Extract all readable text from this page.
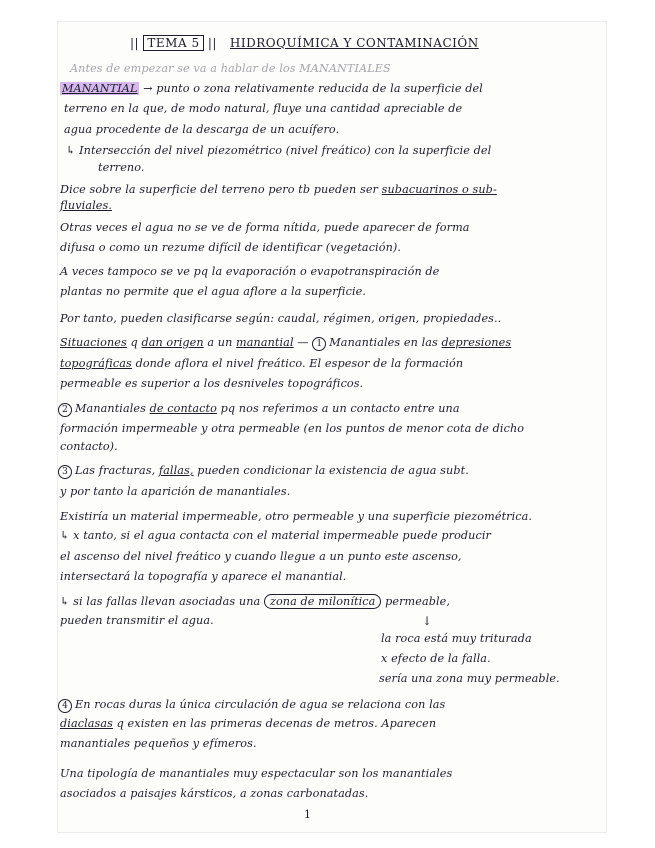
|| TEMA 5 ||   HIDROQUÍMICA Y CONTAMINACIÓN
Antes de empezar se va a hablar de los MANANTIALES
MANANTIAL → punto o zona relativamente reducida de la superficie del
terreno en la que, de modo natural, fluye una cantidad apreciable de
agua procedente de la descarga de un acuífero.
↳ Intersección del nivel piezométrico (nivel freático) con la superficie del
terreno.
Dice sobre la superficie del terreno pero tb pueden ser subacuarinos o sub-
fluviales.
Otras veces el agua no se ve de forma nítida, puede aparecer de forma
difusa o como un rezume difícil de identificar (vegetación).
A veces tampoco se ve pq la evaporación o evapotranspiración de
plantas no permite que el agua aflore a la superficie.
Por tanto, pueden clasificarse según: caudal, régimen, origen, propiedades..
Situaciones q dan origen a un manantial — 1 Manantiales en las depresiones
topográficas donde aflora el nivel freático. El espesor de la formación
permeable es superior a los desniveles topográficos.
2 Manantiales de contacto pq nos referimos a un contacto entre una
formación impermeable y otra permeable (en los puntos de menor cota de dicho
contacto).
3 Las fracturas, fallas, pueden condicionar la existencia de agua subt.
y por tanto la aparición de manantiales.
Existiría un material impermeable, otro permeable y una superficie piezométrica.
↳ x tanto, si el agua contacta con el material impermeable puede producir
el ascenso del nivel freático y cuando llegue a un punto este ascenso,
intersectará la topografía y aparece el manantial.
↳ si las fallas llevan asociadas una zona de milonítica permeable,
pueden transmitir el agua.	↓
la roca está muy triturada
x efecto de la falla.
sería una zona muy permeable.
4 En rocas duras la única circulación de agua se relaciona con las
diaclasas q existen en las primeras decenas de metros. Aparecen
manantiales pequeños y efímeros.
Una tipología de manantiales muy espectacular son los manantiales
asociados a paisajes kársticos, a zonas carbonatadas.
1
